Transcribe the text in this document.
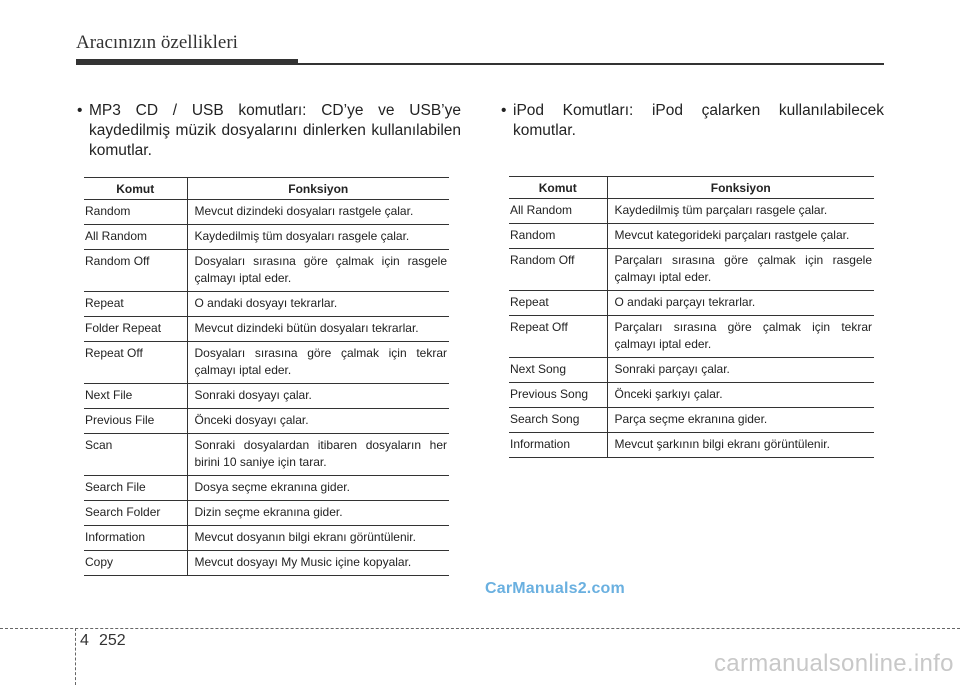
Aracınızın özellikleri
• MP3 CD / USB komutları: CD’ye ve USB’ye kaydedilmiş müzik dosyalarını dinlerken kullanılabilen komutlar.
Komut	Fonksiyon
Random	Mevcut dizindeki dosyaları rastgele çalar.
All Random	Kaydedilmiş tüm dosyaları rasgele çalar.
Random Off	Dosyaları sırasına göre çalmak için rasgele çalmayı iptal eder.
Repeat	O andaki dosyayı tekrarlar.
Folder Repeat	Mevcut dizindeki bütün dosyaları tekrarlar.
Repeat Off	Dosyaları sırasına göre çalmak için tekrar çalmayı iptal eder.
Next File	Sonraki dosyayı çalar.
Previous File	Önceki dosyayı çalar.
Scan	Sonraki dosyalardan itibaren dosyaların her birini 10 saniye için tarar.
Search File	Dosya seçme ekranına gider.
Search Folder	Dizin seçme ekranına gider.
Information	Mevcut dosyanın bilgi ekranı görüntülenir.
Copy	Mevcut dosyayı My Music içine kopyalar.
• iPod Komutları: iPod çalarken kullanılabilecek komutlar.
Komut	Fonksiyon
All Random	Kaydedilmiş tüm parçaları rasgele çalar.
Random	Mevcut kategorideki parçaları rastgele çalar.
Random Off	Parçaları sırasına göre çalmak için rasgele çalmayı iptal eder.
Repeat	O andaki parçayı tekrarlar.
Repeat Off	Parçaları sırasına göre çalmak için tekrar çalmayı iptal eder.
Next Song	Sonraki parçayı çalar.
Previous Song	Önceki şarkıyı çalar.
Search Song	Parça seçme ekranına gider.
Information	Mevcut şarkının bilgi ekranı görüntülenir.
CarManuals2.com
4 252
carmanualsonline.info
